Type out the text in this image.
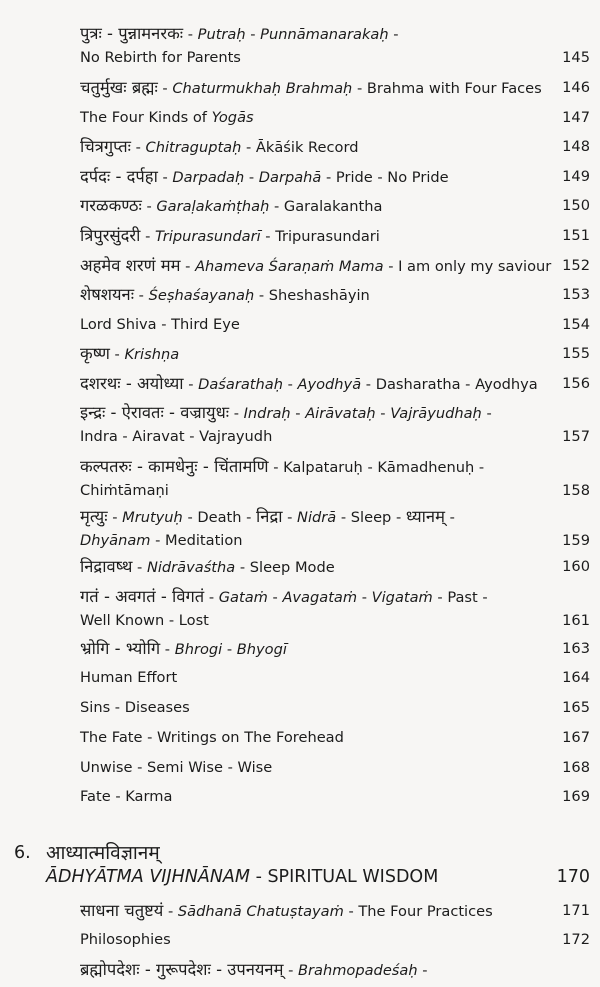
पुत्रः - पुन्नामनरकः - Putraḥ - Punnāmanarakaḥ -
No Rebirth for Parents	145
चतुर्मुखः ब्रह्मः - Chaturmukhaḥ Brahmaḥ - Brahma with Four Faces	146
The Four Kinds of Yogās	147
चित्रगुप्तः - Chitraguptaḥ - Ākāśik Record	148
दर्पदः - दर्पहा - Darpadaḥ - Darpahā - Pride - No Pride	149
गरळकण्ठः - Garaḷakaṁṭhaḥ - Garalakantha	150
त्रिपुरसुंदरी - Tripurasundarī - Tripurasundari	151
अहमेव शरणं मम - Ahameva Śaraṇaṁ Mama - I am only my saviour 152
शेषशयनः - Śeṣhaśayanaḥ - Sheshashāyin	153
Lord Shiva - Third Eye	154
कृष्ण - Krishṇa	155
दशरथः - अयोध्या - Daśarathaḥ - Ayodhyā - Dasharatha - Ayodhya	156
इन्द्रः - ऐरावतः - वज्रायुधः - Indraḥ - Airāvataḥ - Vajrāyudhaḥ -
Indra - Airavat - Vajrayudh	157
कल्पतरुः - कामधेनुः - चिंतामणि - Kalpataruḥ - Kāmadhenuḥ -
Chiṁtāmaṇi	158
मृत्युः - Mrutyuḥ - Death - निद्रा - Nidrā - Sleep - ध्यानम् -
Dhyānam - Meditation	159
निद्रावष्थ - Nidrāvaśtha - Sleep Mode	160
गतं - अवगतं - विगतं - Gataṁ - Avagataṁ - Vigataṁ - Past -
Well Known - Lost	161
भ्रोगि - भ्योगि - Bhrogi - Bhyogī	163
Human Effort	164
Sins - Diseases	165
The Fate - Writings on The Forehead	167
Unwise - Semi Wise - Wise	168
Fate - Karma	169
6. आध्यात्मविज्ञानम्
ĀDHYĀTMA VIJHNĀNAM - SPIRITUAL WISDOM	170
साधना चतुष्टयं - Sādhanā Chatuṣtayaṁ - The Four Practices	171
Philosophies	172
ब्रह्मोपदेशः - गुरूपदेशः - उपनयनम् - Brahmopadeśaḥ -
